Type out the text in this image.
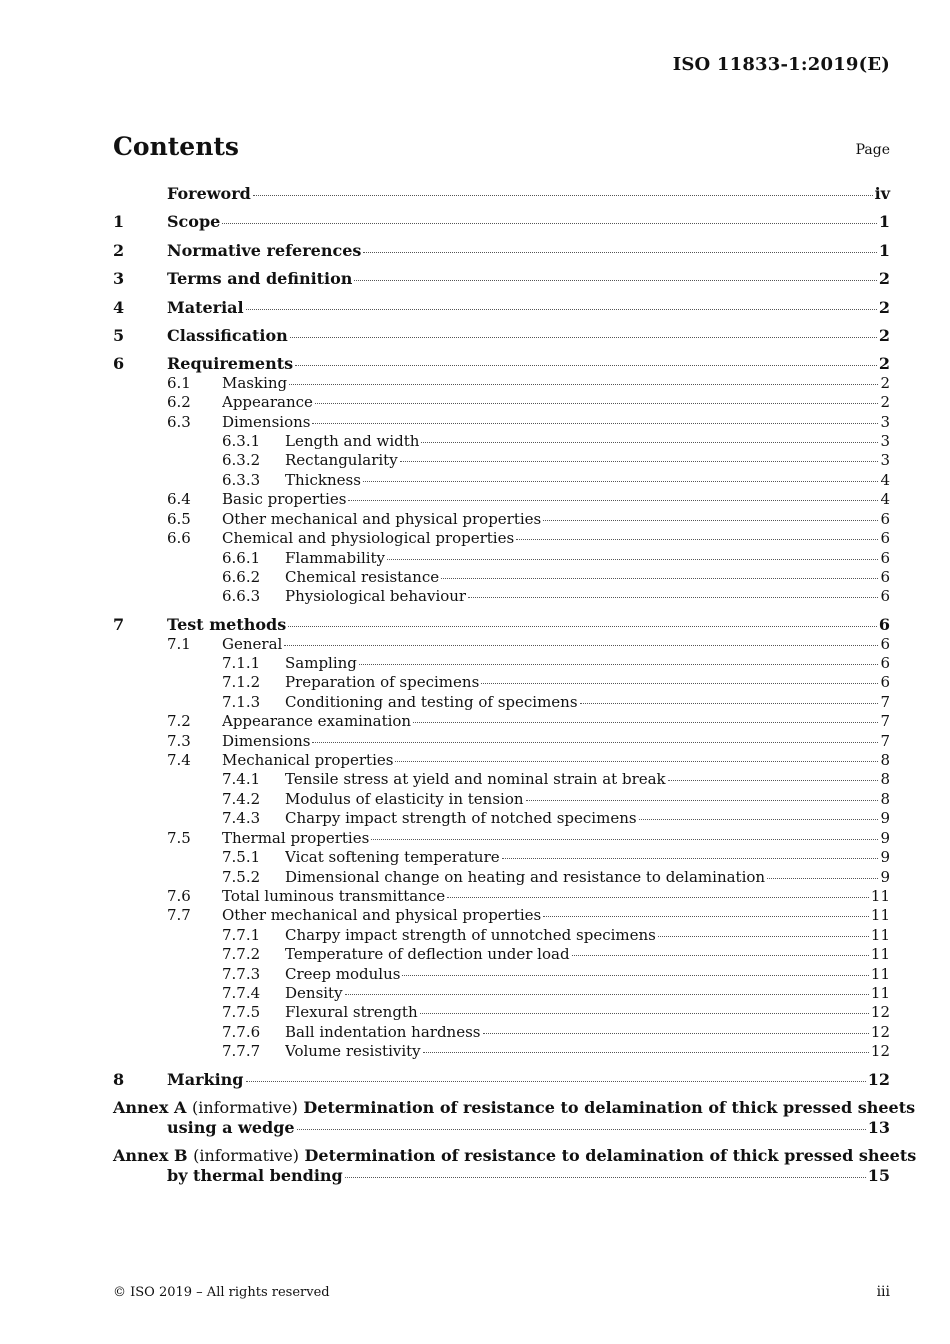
ISO 11833-1:2019(E)
Contents	Page
Foreword	iv
1	Scope	1
2	Normative references	1
3	Terms and definition	2
4	Material	2
5	Classification	2
6	Requirements	2
6.1	Masking	2
6.2	Appearance	2
6.3	Dimensions	3
6.3.1	Length and width	3
6.3.2	Rectangularity	3
6.3.3	Thickness	4
6.4	Basic properties	4
6.5	Other mechanical and physical properties	6
6.6	Chemical and physiological properties	6
6.6.1	Flammability	6
6.6.2	Chemical resistance	6
6.6.3	Physiological behaviour	6
7	Test methods	6
7.1	General	6
7.1.1	Sampling	6
7.1.2	Preparation of specimens	6
7.1.3	Conditioning and testing of specimens	7
7.2	Appearance examination	7
7.3	Dimensions	7
7.4	Mechanical properties	8
7.4.1	Tensile stress at yield and nominal strain at break	8
7.4.2	Modulus of elasticity in tension	8
7.4.3	Charpy impact strength of notched specimens	9
7.5	Thermal properties	9
7.5.1	Vicat softening temperature	9
7.5.2	Dimensional change on heating and resistance to delamination	9
7.6	Total luminous transmittance	11
7.7	Other mechanical and physical properties	11
7.7.1	Charpy impact strength of unnotched specimens	11
7.7.2	Temperature of deflection under load	11
7.7.3	Creep modulus	11
7.7.4	Density	11
7.7.5	Flexural strength	12
7.7.6	Ball indentation hardness	12
7.7.7	Volume resistivity	12
8	Marking	12
Annex A (informative) Determination of resistance to delamination of thick pressed sheets
using a wedge	13
Annex B (informative) Determination of resistance to delamination of thick pressed sheets
by thermal bending	15
© ISO 2019 – All rights reserved	iii
